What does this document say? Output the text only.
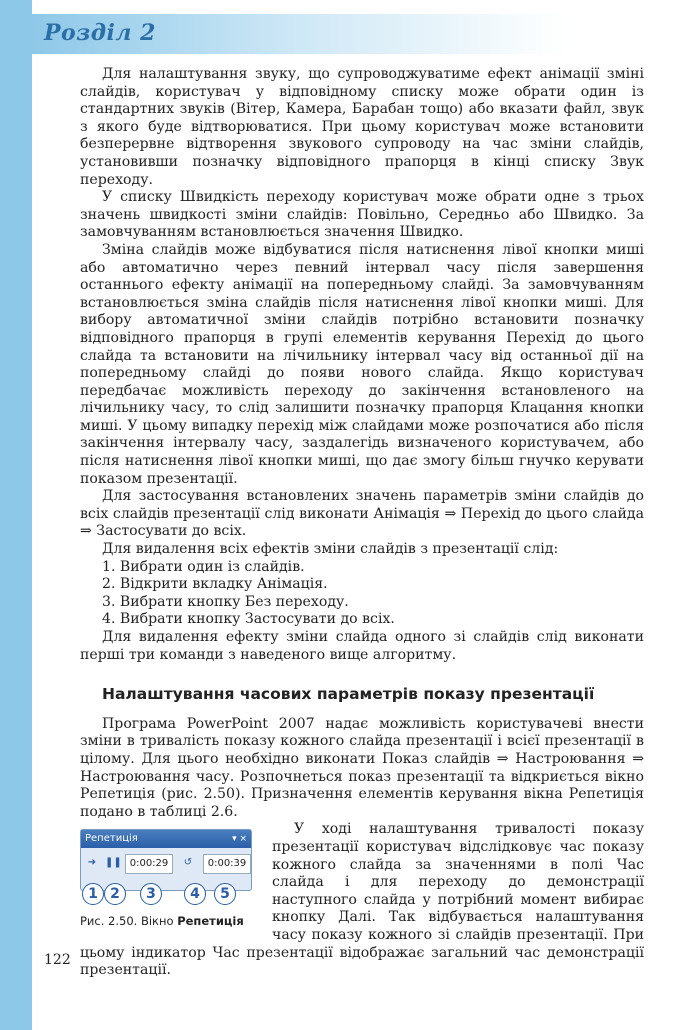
Розділ 2

Для налаштування звуку, що супроводжуватиме ефект анімації змінi слайдів, користувач у відповідному списку може обрати один із стандартних звуків (Вітер, Камера, Барабан тощо) або вказати файл, звук з якого буде відтворюватися. При цьому користувач може встановити безперервне відтворення звукового супроводу на час зміни слайдів, установивши позначку відповідного прапорця в кінці списку Звук переходу.

У списку Швидкість переходу користувач може обрати одне з трьох значень швидкості зміни слайдів: Повільно, Середньо або Швидко. За замовчуванням встановлюється значення Швидко.

Зміна слайдів може відбуватися після натиснення лівої кнопки миші або автоматично через певний інтервал часу після завершення останнього ефекту анімації на попередньому слайді. За замовчуванням встановлюється зміна слайдів після натиснення лівої кнопки миші. Для вибору автоматичної зміни слайдів потрібно встановити позначку відповідного прапорця в групі елементів керування Перехід до цього слайда та встановити на лічильнику інтервал часу від останньої дії на попередньому слайді до появи нового слайда. Якщо користувач передбачає можливість переходу до закінчення встановленого на лічильнику часу, то слід залишити позначку прапорця Клацання кнопки миші. У цьому випадку перехід між слайдами може розпочатися або після закінчення інтервалу часу, заздалегідь визначеного користувачем, або після натиснення лівої кнопки миші, що дає змогу більш гнучко керувати показом презентації.

Для застосування встановлених значень параметрів зміни слайдів до всіх слайдів презентації слід виконати Анімація ⇒ Перехід до цього слайда ⇒ Застосувати до всіх.

Для видалення всіх ефектів зміни слайдів з презентації слід:

1. Вибрати один із слайдів.

2. Відкрити вкладку Анімація.

3. Вибрати кнопку Без переходу.

4. Вибрати кнопку Застосувати до всіх.

Для видалення ефекту зміни слайда одного зі слайдів слід виконати перші три команди з наведеного вище алгоритму.

Налаштування часових параметрів показу презентації

Програма PowerPoint 2007 надає можливість користувачеві внести зміни в тривалість показу кожного слайда презентації і всієї презентації в цілому. Для цього необхідно виконати Показ слайдів ⇒ Настроювання ⇒ Настроювання часу. Розпочнеться показ презентації та відкриється вікно Репетиція (рис. 2.50). Призначення елементів керування вікна Репетиція подано в таблиці 2.6.

Репетиція	▾ ×
➜ ❚❚ 0:00:29	↺	0:00:39
1 2	3	4	5
Рис. 2.50. Вікно Репетиція

У ході налаштування тривалості показу презентації користувач відслідковує час показу кожного слайда за значеннями в полі Час слайда і для переходу до демонстрації наступного слайда у потрібний момент вибирає кнопку Далі. Так відбувається налаштування часу показу кожного зі слайдів презентації. При цьому індикатор Час презентації відображає загальний час демонстрації презентації.

122
